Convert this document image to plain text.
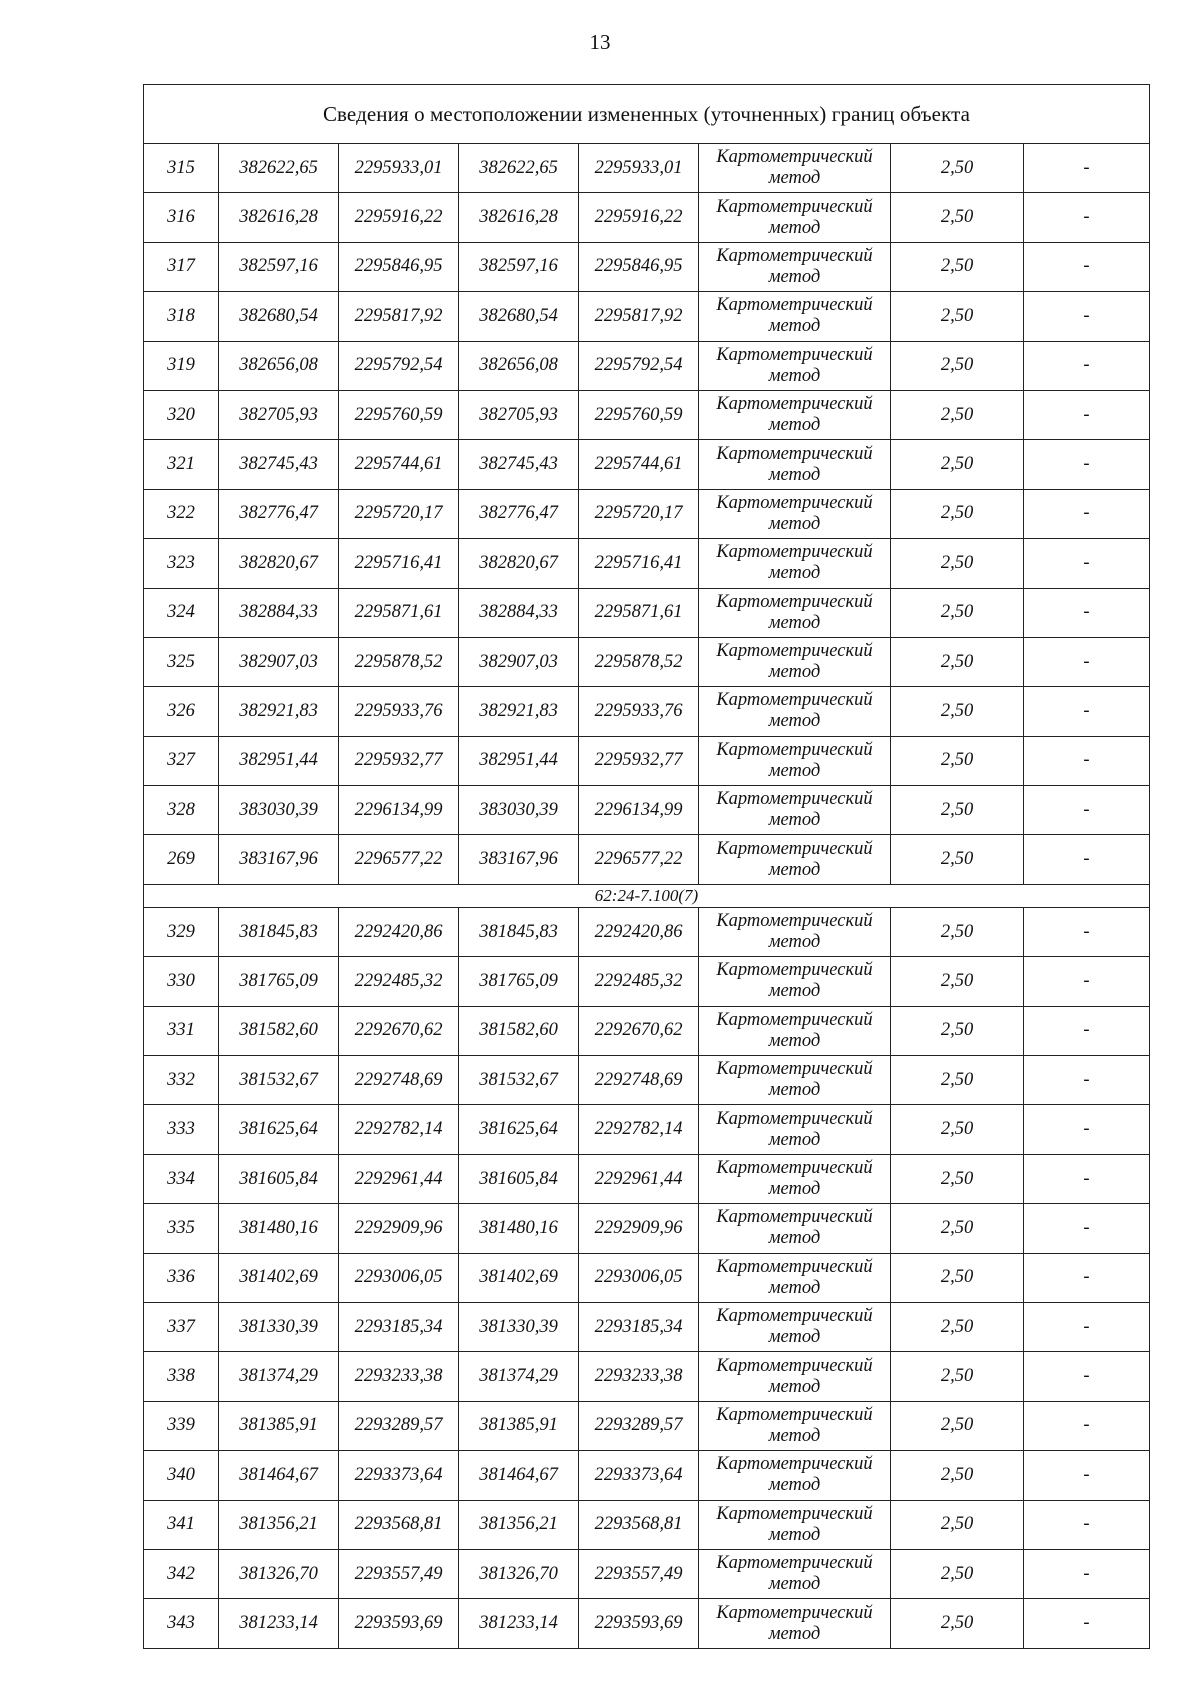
13
Сведения о местоположении измененных (уточненных) границ объекта							
315	382622,65	2295933,01	382622,65	2295933,01	Картометрический
метод	2,50	-
316	382616,28	2295916,22	382616,28	2295916,22	Картометрический
метод	2,50	-
317	382597,16	2295846,95	382597,16	2295846,95	Картометрический
метод	2,50	-
318	382680,54	2295817,92	382680,54	2295817,92	Картометрический
метод	2,50	-
319	382656,08	2295792,54	382656,08	2295792,54	Картометрический
метод	2,50	-
320	382705,93	2295760,59	382705,93	2295760,59	Картометрический
метод	2,50	-
321	382745,43	2295744,61	382745,43	2295744,61	Картометрический
метод	2,50	-
322	382776,47	2295720,17	382776,47	2295720,17	Картометрический
метод	2,50	-
323	382820,67	2295716,41	382820,67	2295716,41	Картометрический
метод	2,50	-
324	382884,33	2295871,61	382884,33	2295871,61	Картометрический
метод	2,50	-
325	382907,03	2295878,52	382907,03	2295878,52	Картометрический
метод	2,50	-
326	382921,83	2295933,76	382921,83	2295933,76	Картометрический
метод	2,50	-
327	382951,44	2295932,77	382951,44	2295932,77	Картометрический
метод	2,50	-
328	383030,39	2296134,99	383030,39	2296134,99	Картометрический
метод	2,50	-
269	383167,96	2296577,22	383167,96	2296577,22	Картометрический
метод	2,50	-
62:24-7.100(7)							
329	381845,83	2292420,86	381845,83	2292420,86	Картометрический
метод	2,50	-
330	381765,09	2292485,32	381765,09	2292485,32	Картометрический
метод	2,50	-
331	381582,60	2292670,62	381582,60	2292670,62	Картометрический
метод	2,50	-
332	381532,67	2292748,69	381532,67	2292748,69	Картометрический
метод	2,50	-
333	381625,64	2292782,14	381625,64	2292782,14	Картометрический
метод	2,50	-
334	381605,84	2292961,44	381605,84	2292961,44	Картометрический
метод	2,50	-
335	381480,16	2292909,96	381480,16	2292909,96	Картометрический
метод	2,50	-
336	381402,69	2293006,05	381402,69	2293006,05	Картометрический
метод	2,50	-
337	381330,39	2293185,34	381330,39	2293185,34	Картометрический
метод	2,50	-
338	381374,29	2293233,38	381374,29	2293233,38	Картометрический
метод	2,50	-
339	381385,91	2293289,57	381385,91	2293289,57	Картометрический
метод	2,50	-
340	381464,67	2293373,64	381464,67	2293373,64	Картометрический
метод	2,50	-
341	381356,21	2293568,81	381356,21	2293568,81	Картометрический
метод	2,50	-
342	381326,70	2293557,49	381326,70	2293557,49	Картометрический
метод	2,50	-
343	381233,14	2293593,69	381233,14	2293593,69	Картометрический
метод	2,50	-
